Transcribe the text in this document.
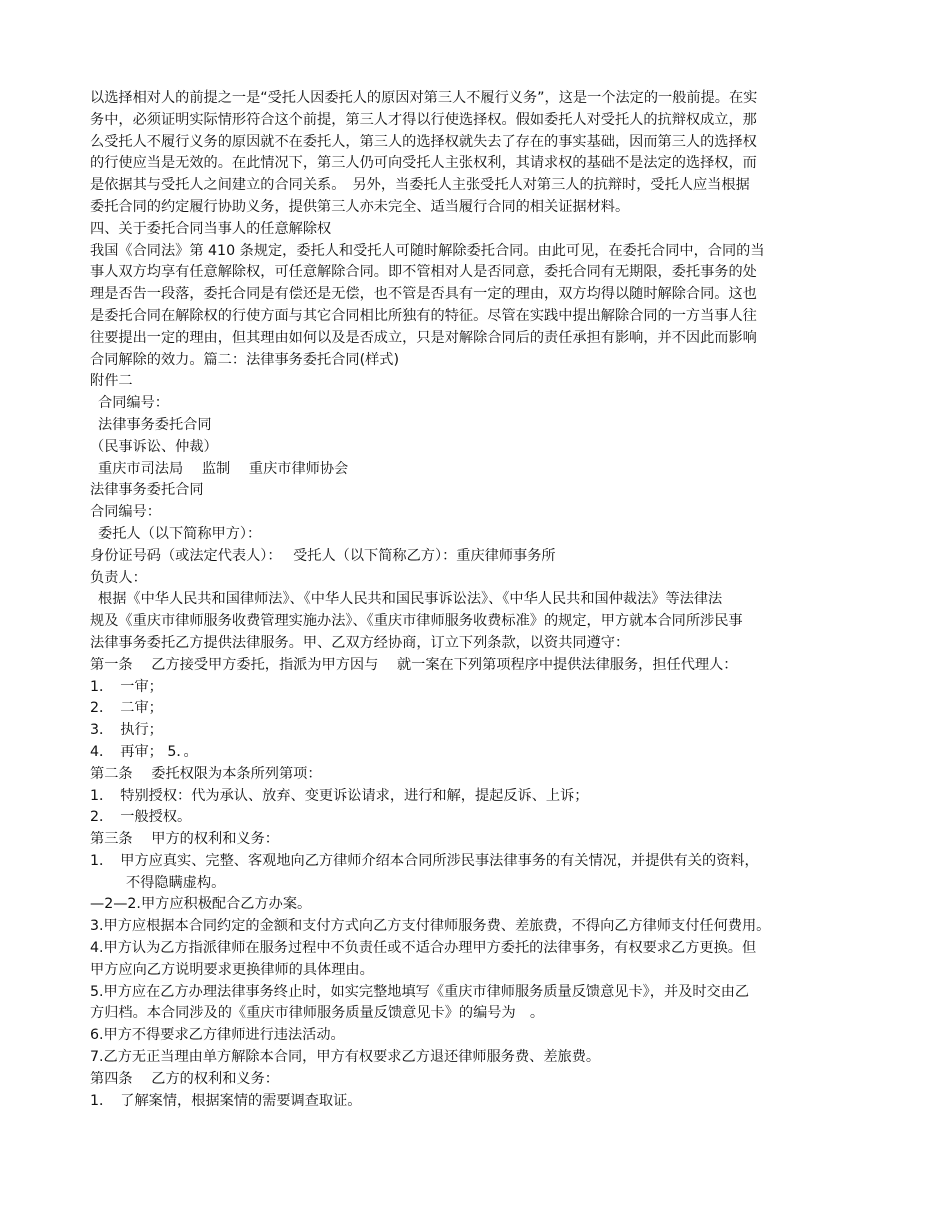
以选择相对人的前提之一是“受托人因委托人的原因对第三人不履行义务”，这是一个法定的一般前提。在实
务中，必须证明实际情形符合这个前提，第三人才得以行使选择权。假如委托人对受托人的抗辩权成立，那
么受托人不履行义务的原因就不在委托人，第三人的选择权就失去了存在的事实基础，因而第三人的选择权
的行使应当是无效的。在此情况下，第三人仍可向受托人主张权利，其请求权的基础不是法定的选择权，而
是依据其与受托人之间建立的合同关系。　另外，当委托人主张受托人对第三人的抗辩时，受托人应当根据
委托合同的约定履行协助义务，提供第三人亦未完全、适当履行合同的相关证据材料。
四、关于委托合同当事人的任意解除权
我国《合同法》第 410 条规定，委托人和受托人可随时解除委托合同。由此可见，在委托合同中，合同的当
事人双方均享有任意解除权，可任意解除合同。即不管相对人是否同意，委托合同有无期限，委托事务的处
理是否告一段落，委托合同是有偿还是无偿，也不管是否具有一定的理由，双方均得以随时解除合同。这也
是委托合同在解除权的行使方面与其它合同相比所独有的特征。尽管在实践中提出解除合同的一方当事人往
往要提出一定的理由，但其理由如何以及是否成立，只是对解除合同后的责任承担有影响，并不因此而影响
合同解除的效力。篇二：法律事务委托合同(样式)
附件二
合同编号：
法律事务委托合同
（民事诉讼、仲裁）
重庆市司法局　 监制　 重庆市律师协会
法律事务委托合同
合同编号：
委托人（以下简称甲方）：
身份证号码（或法定代表人）：　 受托人（以下简称乙方）：重庆律师事务所
负责人：
根据《中华人民共和国律师法》、《中华人民共和国民事诉讼法》、《中华人民共和国仲裁法》等法律法
规及《重庆市律师服务收费管理实施办法》、《重庆市律师服务收费标准》的规定，甲方就本合同所涉民事
法律事务委托乙方提供法律服务。甲、乙双方经协商，订立下列条款，以资共同遵守：
第一条　 乙方接受甲方委托，指派为甲方因与　 就一案在下列第项程序中提供法律服务，担任代理人：
1．　一审；
2．　二审；
3．　执行；
4．　再审； 5．。
第二条　 委托权限为本条所列第项：
1．　特别授权：代为承认、放弃、变更诉讼请求，进行和解，提起反诉、上诉；
2．　一般授权。
第三条　 甲方的权利和义务：
1．　甲方应真实、完整、客观地向乙方律师介绍本合同所涉民事法律事务的有关情况，并提供有关的资料，
不得隐瞒虚构。
—2—2.甲方应积极配合乙方办案。
3.甲方应根据本合同约定的金额和支付方式向乙方支付律师服务费、差旅费，不得向乙方律师支付任何费用。
4.甲方认为乙方指派律师在服务过程中不负责任或不适合办理甲方委托的法律事务，有权要求乙方更换。但
甲方应向乙方说明要求更换律师的具体理由。
5.甲方应在乙方办理法律事务终止时，如实完整地填写《重庆市律师服务质量反馈意见卡》，并及时交由乙
方归档。本合同涉及的《重庆市律师服务质量反馈意见卡》的编号为　。
6.甲方不得要求乙方律师进行违法活动。
7.乙方无正当理由单方解除本合同，甲方有权要求乙方退还律师服务费、差旅费。
第四条　 乙方的权利和义务：
1．　了解案情，根据案情的需要调查取证。
